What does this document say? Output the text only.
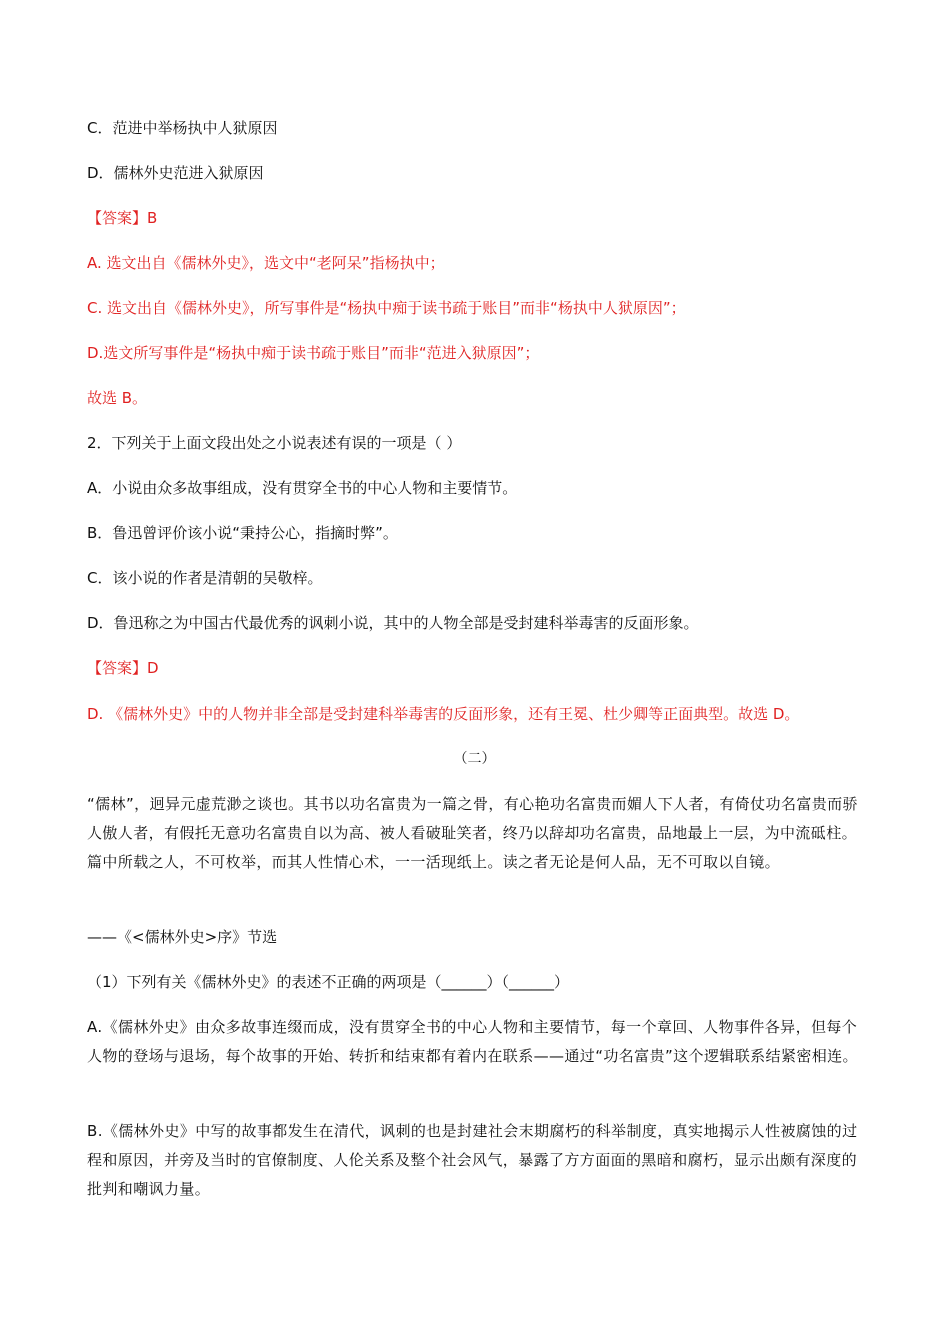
C．范进中举杨执中人狱原因
D．儒林外史范进入狱原因
【答案】B
A. 选文出自《儒林外史》，选文中“老阿呆”指杨执中；
C. 选文出自《儒林外史》，所写事件是“杨执中痴于读书疏于账目”而非“杨执中人狱原因”；
D.选文所写事件是“杨执中痴于读书疏于账目”而非“范进入狱原因”；
故选 B。
2．下列关于上面文段出处之小说表述有误的一项是（ ）
A．小说由众多故事组成，没有贯穿全书的中心人物和主要情节。
B．鲁迅曾评价该小说“秉持公心，指摘时弊”。
C．该小说的作者是清朝的吴敬梓。
D．鲁迅称之为中国古代最优秀的讽刺小说，其中的人物全部是受封建科举毒害的反面形象。
【答案】D
D. 《儒林外史》中的人物并非全部是受封建科举毒害的反面形象，还有王冕、杜少卿等正面典型。故选 D。
（二）
“儒林”，迥异元虚荒渺之谈也。其书以功名富贵为一篇之骨，有心艳功名富贵而媚人下人者，有倚仗功名富贵而骄人傲人者，有假托无意功名富贵自以为高、被人看破耻笑者，终乃以辞却功名富贵，品地最上一层，为中流砥柱。篇中所载之人，不可枚举，而其人性情心术，一一活现纸上。读之者无论是何人品，无不可取以自镜。
——《<儒林外史>序》节选
（1）下列有关《儒林外史》的表述不正确的两项是（______）（______）
A.《儒林外史》由众多故事连缀而成，没有贯穿全书的中心人物和主要情节，每一个章回、人物事件各异，但每个人物的登场与退场，每个故事的开始、转折和结束都有着内在联系——通过“功名富贵”这个逻辑联系结紧密相连。
B.《儒林外史》中写的故事都发生在清代，讽刺的也是封建社会末期腐朽的科举制度，真实地揭示人性被腐蚀的过程和原因，并旁及当时的官僚制度、人伦关系及整个社会风气，暴露了方方面面的黑暗和腐朽，显示出颇有深度的批判和嘲讽力量。
